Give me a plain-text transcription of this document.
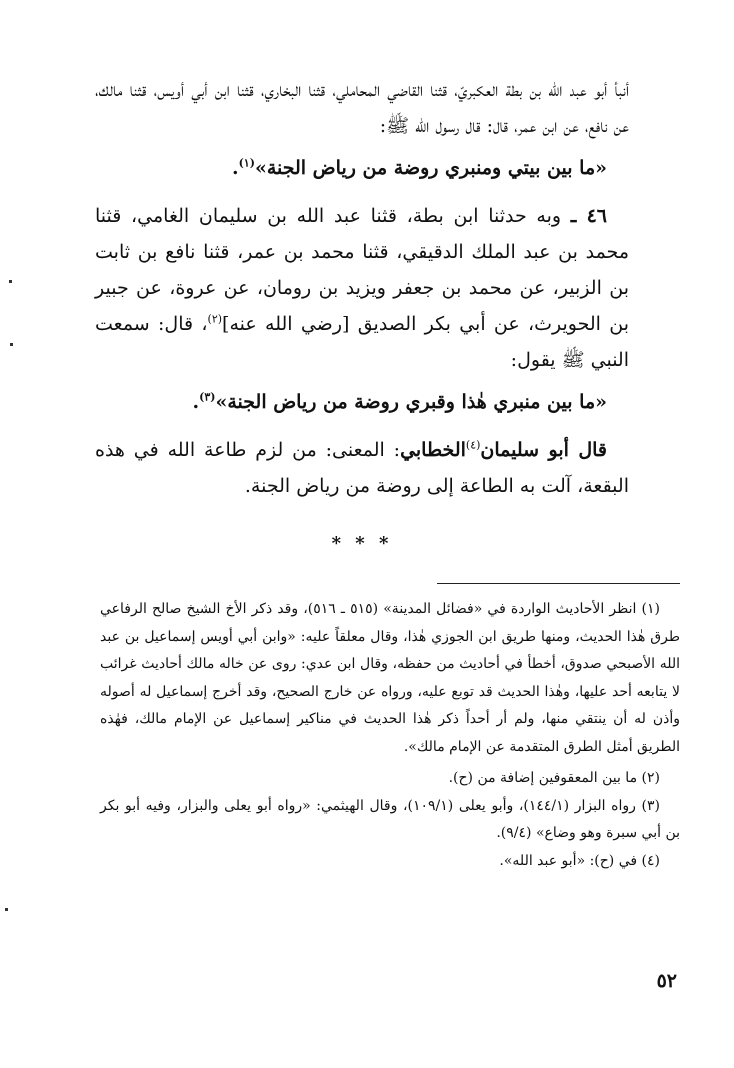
أنبأ أبو عبد الله بن بطة العكبريّ، قثنا القاضي المحاملي، قثنا البخاري، قثنا ابن أبي أويس، قثنا مالك، عن نافع، عن ابن عمر، قال: قال رسول الله ﷺ:

«ما بين بيتي ومنبري روضة من رياض الجنة»$^{(١)}$.

٤٦ ـ وبه حدثنا ابن بطة، قثنا عبد الله بن سليمان الغامي، قثنا محمد بن عبد الملك الدقيقي، قثنا محمد بن عمر، قثنا نافع بن ثابت بن الزبير، عن محمد بن جعفر ويزيد بن رومان، عن عروة، عن جبير بن الحويرث، عن أبي بكر الصديق [رضي الله عنه]$^{(٢)}$، قال: سمعت النبي ﷺ يقول:

«ما بين منبري هٰذا وقبري روضة من رياض الجنة»$^{(٣)}$.

قال أبو سليمان$^{(٤)}$الخطابي: المعنى: من لزم طاعة الله في هذه البقعة، آلت به الطاعة إلى روضة من رياض الجنة.

* * *

(١) انظر الأحاديث الواردة في «فضائل المدينة» (٥١٥ ـ ٥١٦)، وقد ذكر الأخ الشيخ صالح الرفاعي طرق هٰذا الحديث، ومنها طريق ابن الجوزي هٰذا، وقال معلقاً عليه: «وابن أبي أويس إسماعيل بن عبد الله الأصبحي صدوق، أخطأ في أحاديث من حفظه، وقال ابن عدي: روى عن خاله مالك أحاديث غرائب لا يتابعه أحد عليها، وهٰذا الحديث قد توبع عليه، ورواه عن خارج الصحيح، وقد أخرج إسماعيل له أصوله وأذن له أن ينتقي منها، ولم أر أحداً ذكر هٰذا الحديث في مناكير إسماعيل عن الإمام مالك، فهٰذه الطريق أمثل الطرق المتقدمة عن الإمام مالك».

(٢) ما بين المعقوفين إضافة من (ح).

(٣) رواه البزار (١٤٤/١)، وأبو يعلى (١٠٩/١)، وقال الهيثمي: «رواه أبو يعلى والبزار، وفيه أبو بكر بن أبي سبرة وهو وضاع» (٩/٤).

(٤) في (ح): «أبو عبد الله».

٥٢
